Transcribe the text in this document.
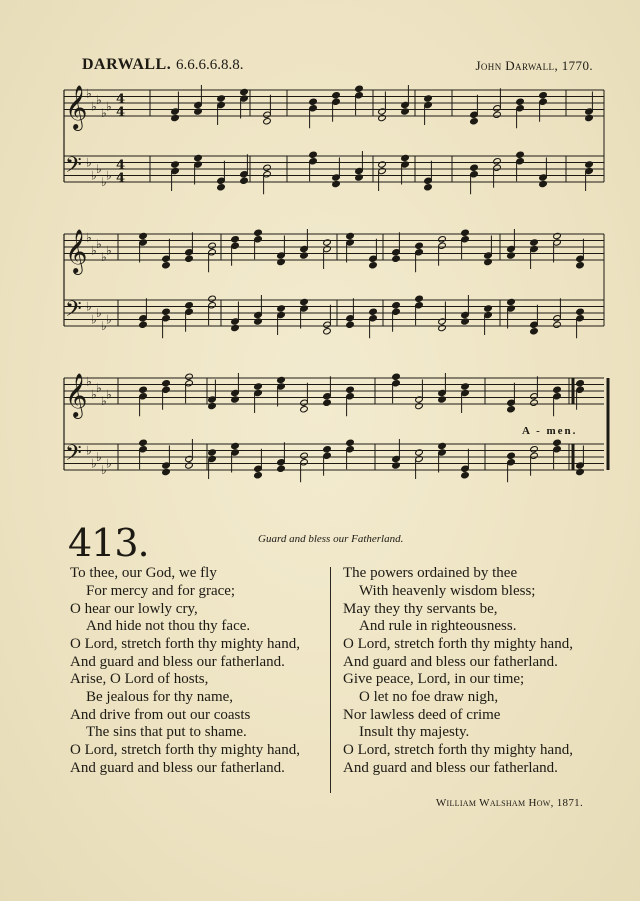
DARWALL. 6.6.6.6.8.8.	John Darwall, 1770.
𝄞
♭
♭ ♭
♭ ♭ 4
4
𝄢 ♭
♭ ♭
♭ ♭
4
4
𝄞
♭
♭ ♭
♭ ♭
𝄢 ♭
♭ ♭
♭ ♭
𝄞
♭
♭ ♭
♭ ♭
𝄢 ♭
♭ ♭
♭ ♭
A - men.
413.	Guard and bless our Fatherland.
To thee, our God, we fly
For mercy and for grace;
O hear our lowly cry,
And hide not thou thy face.
O Lord, stretch forth thy mighty hand,
And guard and bless our fatherland.
The powers ordained by thee
With heavenly wisdom bless;
May they thy servants be,
And rule in righteousness.
O Lord, stretch forth thy mighty hand,
And guard and bless our fatherland.
Arise, O Lord of hosts,
Be jealous for thy name,
And drive from out our coasts
The sins that put to shame.
O Lord, stretch forth thy mighty hand,
And guard and bless our fatherland.
Give peace, Lord, in our time;
O let no foe draw nigh,
Nor lawless deed of crime
Insult thy majesty.
O Lord, stretch forth thy mighty hand,
And guard and bless our fatherland.
William Walsham How, 1871.
